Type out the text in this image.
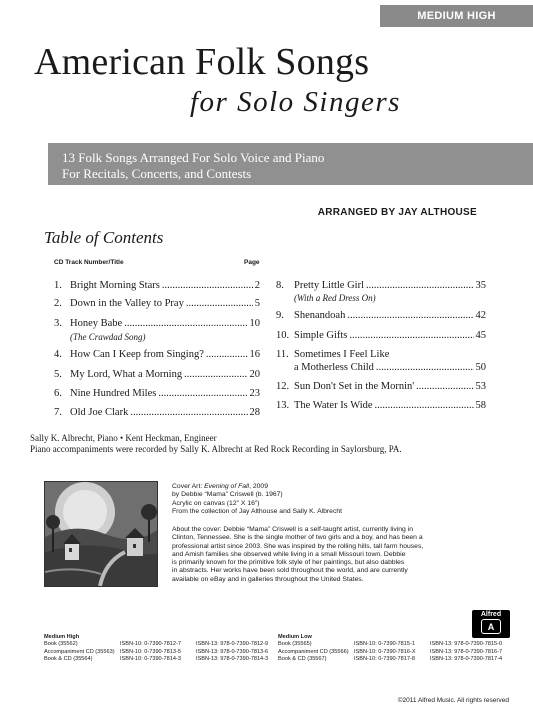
MEDIUM HIGH
American Folk Songs
for Solo Singers
13 Folk Songs Arranged For Solo Voice and Piano
For Recitals, Concerts, and Contests
ARRANGED BY JAY ALTHOUSE
Table of Contents
CD Track Number/Title	Page
1. Bright Morning Stars .....	2
2. Down in the Valley to Pray .....	5
3. Honey Babe .....	10
(The Crawdad Song)
4. How Can I Keep from Singing? .....	16
5. My Lord, What a Morning .....	20
6. Nine Hundred Miles .....	23
7. Old Joe Clark .....	28
8. Pretty Little Girl .....	35
(With a Red Dress On)
9. Shenandoah .....	42
10. Simple Gifts .....	45
11. Sometimes I Feel Like
a Motherless Child .....	50
12. Sun Don't Set in the Mornin' .....	53
13. The Water Is Wide .....	58
Sally K. Albrecht, Piano • Kent Heckman, Engineer
Piano accompaniments were recorded by Sally K. Albrecht at Red Rock Recording in Saylorsburg, PA.
Cover Art: Evening of Fall, 2009
by Debbie “Mama” Criswell (b. 1967)
Acrylic on canvas (12" X 16")
From the collection of Jay Althouse and Sally K. Albrecht
About the cover: Debbie “Mama” Criswell is a self-taught artist, currently living in
Clinton, Tennessee. She is the single mother of two girls and a boy, and has been a
professional artist since 2003. She was inspired by the rolling hills, tall farm houses,
and Amish families she observed while living in a small Missouri town. Debbie
is primarily known for the primitive folk style of her paintings, but also dabbles
in abstracts. Her works have been sold throughout the world, and are currently
available on eBay and in galleries throughout the United States.
Alfred
A
Medium High
Book (35562)	ISBN-10: 0-7390-7812-7	ISBN-13: 978-0-7390-7812-9
Accompaniment CD (35563) ISBN-10: 0-7390-7813-5	ISBN-13: 978-0-7390-7813-6
Book & CD (35564)	ISBN-10: 0-7390-7814-3	ISBN-13: 978-0-7390-7814-3
Medium Low
Book (35565)	ISBN-10: 0-7390-7815-1	ISBN-13: 978-0-7390-7815-0
Accompaniment CD (35566) ISBN-10: 0-7390-7816-X	ISBN-13: 978-0-7390-7816-7
Book & CD (35567)	ISBN-10: 0-7390-7817-8	ISBN-13: 978-0-7390-7817-4
©2011 Alfred Music. All rights reserved
